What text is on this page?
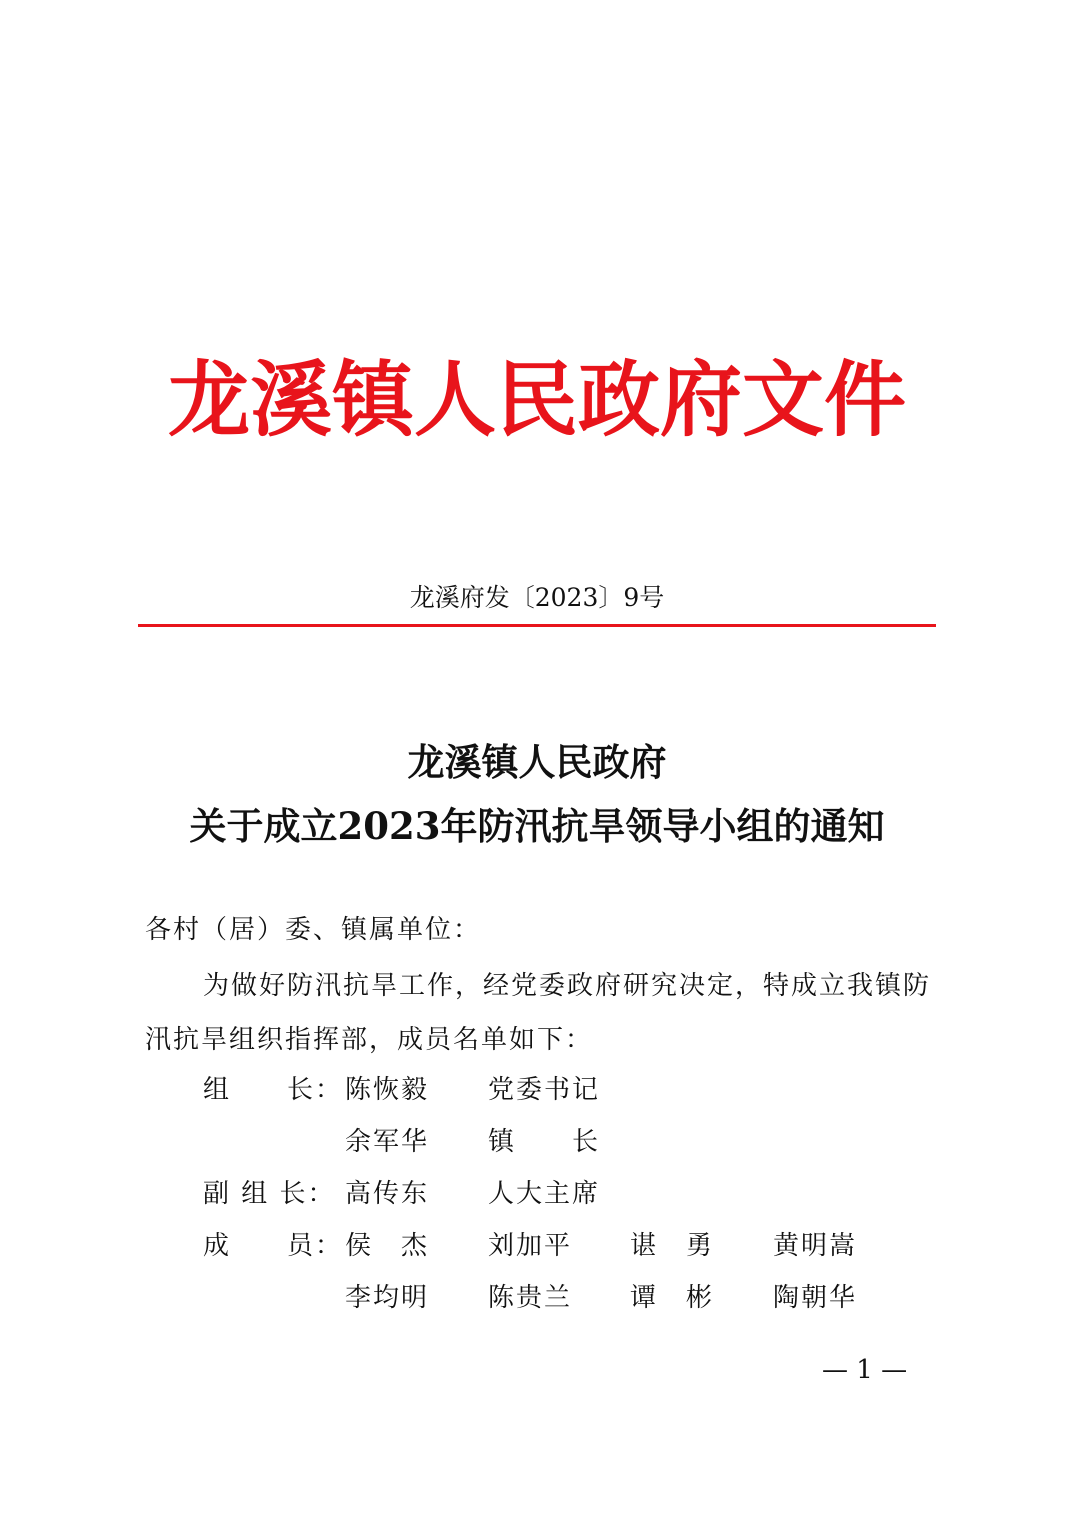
龙溪镇人民政府文件
龙溪府发〔2023〕9号
龙溪镇人民政府
关于成立2023年防汛抗旱领导小组的通知
各村（居）委、镇属单位：
为做好防汛抗旱工作，经党委政府研究决定，特成立我镇防
汛抗旱组织指挥部，成员名单如下：
组　　长： 陈恢毅 党委书记
余军华 镇　　长
副 组 长： 高传东 人大主席
成　　员： 侯　杰 刘加平 谌　勇 黄明嵩
李均明 陈贵兰 谭　彬 陶朝华
— 1 —
